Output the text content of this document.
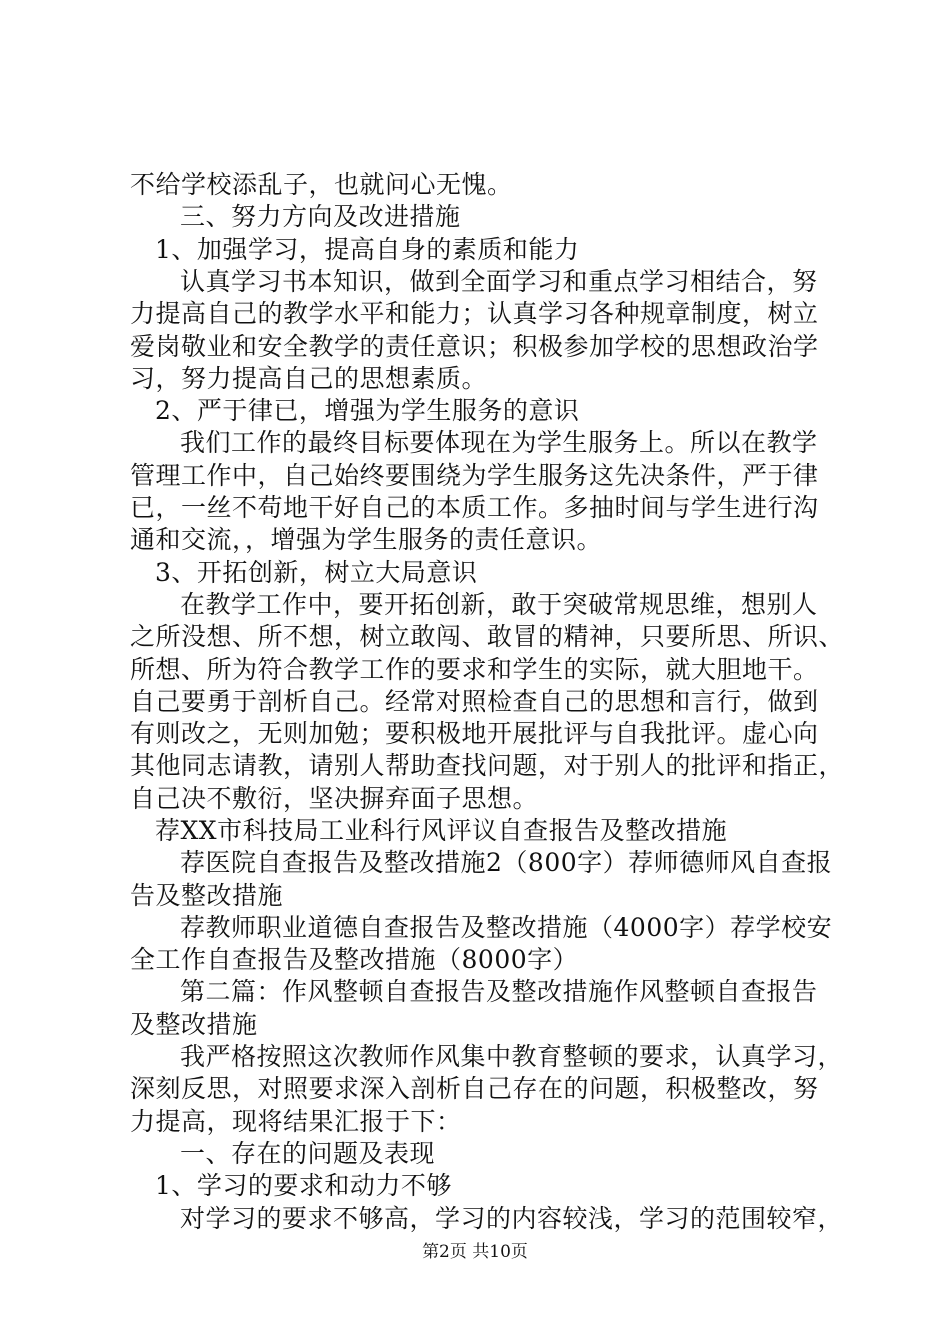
不给学校添乱子，也就问心无愧。
三、努力方向及改进措施
1、加强学习，提高自身的素质和能力
认真学习书本知识，做到全面学习和重点学习相结合，努
力提高自己的教学水平和能力；认真学习各种规章制度，树立
爱岗敬业和安全教学的责任意识；积极参加学校的思想政治学
习，努力提高自己的思想素质。
2、严于律已，增强为学生服务的意识
我们工作的最终目标要体现在为学生服务上。所以在教学
管理工作中，自己始终要围绕为学生服务这先决条件，严于律
已，一丝不苟地干好自己的本质工作。多抽时间与学生进行沟
通和交流，，增强为学生服务的责任意识。
3、开拓创新，树立大局意识
在教学工作中，要开拓创新，敢于突破常规思维，想别人
之所没想、所不想，树立敢闯、敢冒的精神，只要所思、所识、
所想、所为符合教学工作的要求和学生的实际，就大胆地干。
自己要勇于剖析自己。经常对照检查自己的思想和言行，做到
有则改之，无则加勉；要积极地开展批评与自我批评。虚心向
其他同志请教，请别人帮助查找问题，对于别人的批评和指正，
自己决不敷衍，坚决摒弃面子思想。
荐XX市科技局工业科行风评议自查报告及整改措施
荐医院自查报告及整改措施2（800字）荐师德师风自查报
告及整改措施
荐教师职业道德自查报告及整改措施（4000字）荐学校安
全工作自查报告及整改措施（8000字）
第二篇：作风整顿自查报告及整改措施作风整顿自查报告
及整改措施
我严格按照这次教师作风集中教育整顿的要求，认真学习，
深刻反思，对照要求深入剖析自己存在的问题，积极整改，努
力提高，现将结果汇报于下：
一、存在的问题及表现
1、学习的要求和动力不够
对学习的要求不够高，学习的内容较浅，学习的范围较窄，
第2页 共10页
